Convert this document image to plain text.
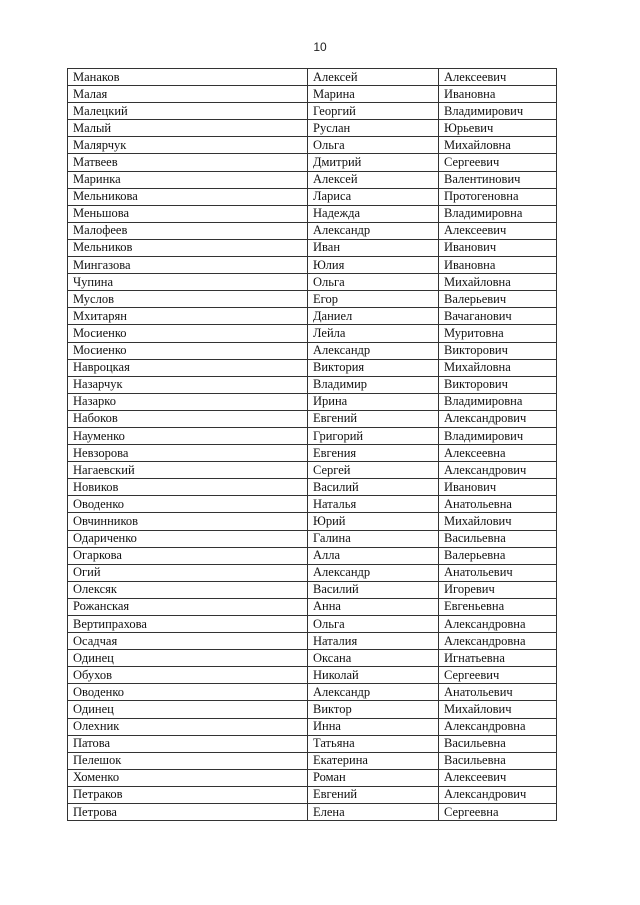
10
Манаков	Алексей	Алексеевич
Малая	Марина	Ивановна
Малецкий	Георгий	Владимирович
Малый	Руслан	Юрьевич
Малярчук	Ольга	Михайловна
Матвеев	Дмитрий	Сергеевич
Маринка	Алексей	Валентинович
Мельникова	Лариса	Протогеновна
Меньшова	Надежда	Владимировна
Малофеев	Александр	Алексеевич
Мельников	Иван	Иванович
Мингазова	Юлия	Ивановна
Чупина	Ольга	Михайловна
Муслов	Егор	Валерьевич
Мхитарян	Даниел	Вачаганович
Мосиенко	Лейла	Муритовна
Мосиенко	Александр	Викторович
Навроцкая	Виктория	Михайловна
Назарчук	Владимир	Викторович
Назарко	Ирина	Владимировна
Набоков	Евгений	Александрович
Науменко	Григорий	Владимирович
Невзорова	Евгения	Алексеевна
Нагаевский	Сергей	Александрович
Новиков	Василий	Иванович
Оводенко	Наталья	Анатольевна
Овчинников	Юрий	Михайлович
Одариченко	Галина	Васильевна
Огаркова	Алла	Валерьевна
Огий	Александр	Анатольевич
Олексяк	Василий	Игоревич
Рожанская	Анна	Евгеньевна
Вертипрахова	Ольга	Александровна
Осадчая	Наталия	Александровна
Одинец	Оксана	Игнатьевна
Обухов	Николай	Сергеевич
Оводенко	Александр	Анатольевич
Одинец	Виктор	Михайлович
Олехник	Инна	Александровна
Патова	Татьяна	Васильевна
Пелешок	Екатерина	Васильевна
Хоменко	Роман	Алексеевич
Петраков	Евгений	Александрович
Петрова	Елена	Сергеевна
